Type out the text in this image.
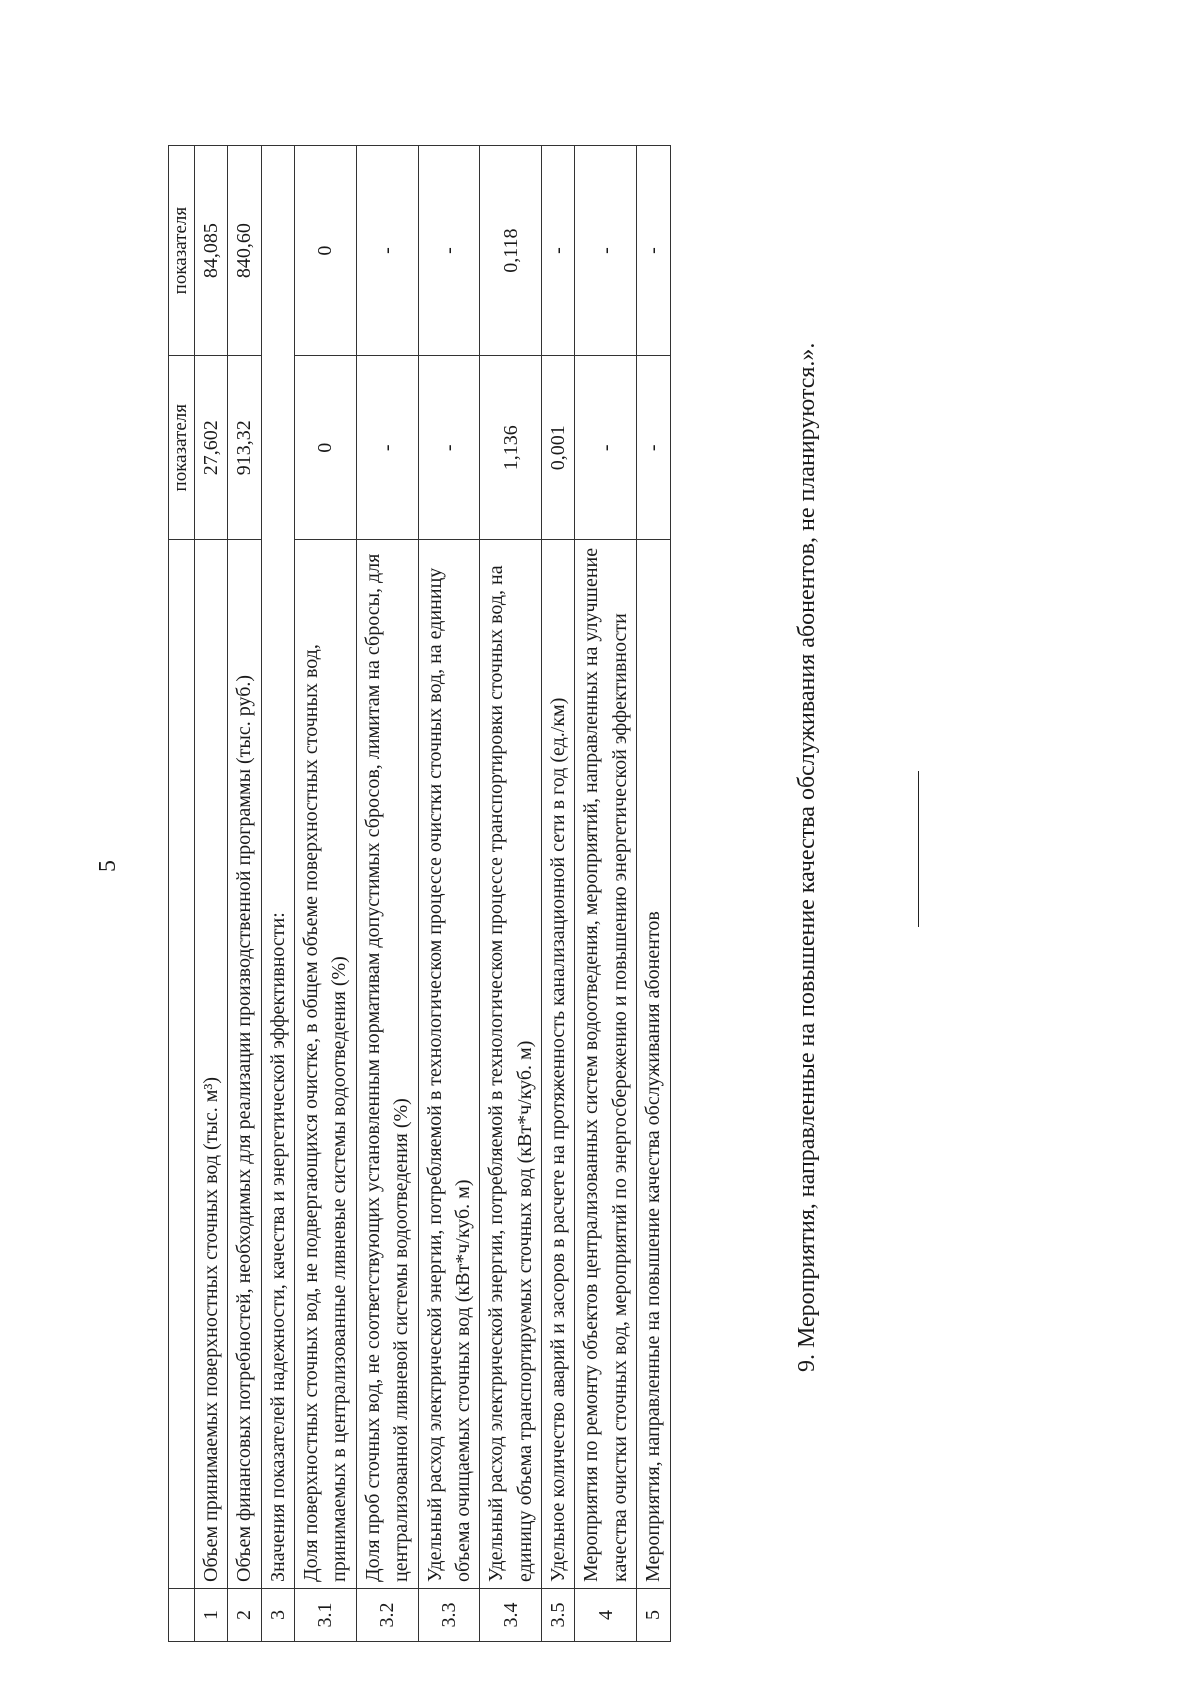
5
		показателя	показателя
1	Объем принимаемых поверхностных сточных вод (тыс. м³)	27,602	84,085
2	Объем финансовых потребностей, необходимых для реализации производственной программы (тыс. руб.)	913,32	840,60
3	Значения показателей надежности, качества и энергетической эффективности:		
3.1	Доля поверхностных сточных вод, не подвергающихся очистке, в общем объеме поверхностных сточных вод, принимаемых в централизованные ливневые системы водоотведения (%)	0	0
3.2	Доля проб сточных вод, не соответствующих установленным нормативам допустимых сбросов, лимитам на сбросы, для централизованной ливневой системы водоотведения (%)	-	-
3.3	Удельный расход электрической энергии, потребляемой в технологическом процессе очистки сточных вод, на единицу объема очищаемых сточных вод (кВт*ч/куб. м)	-	-
3.4	Удельный расход электрической энергии, потребляемой в технологическом процессе транспортировки сточных вод, на единицу объема транспортируемых сточных вод (кВт*ч/куб. м)	1,136	0,118
3.5	Удельное количество аварий и засоров в расчете на протяженность канализационной сети в год (ед./км)	0,001	-
4	Мероприятия по ремонту объектов централизованных систем водоотведения, мероприятий, направленных на улучшение качества очистки сточных вод, мероприятий по энергосбережению и повышению энергетической эффективности	-	-
5	Мероприятия, направленные на повышение качества обслуживания абонентов	-	-
9. Мероприятия, направленные на повышение качества обслуживания абонентов, не планируются.».
